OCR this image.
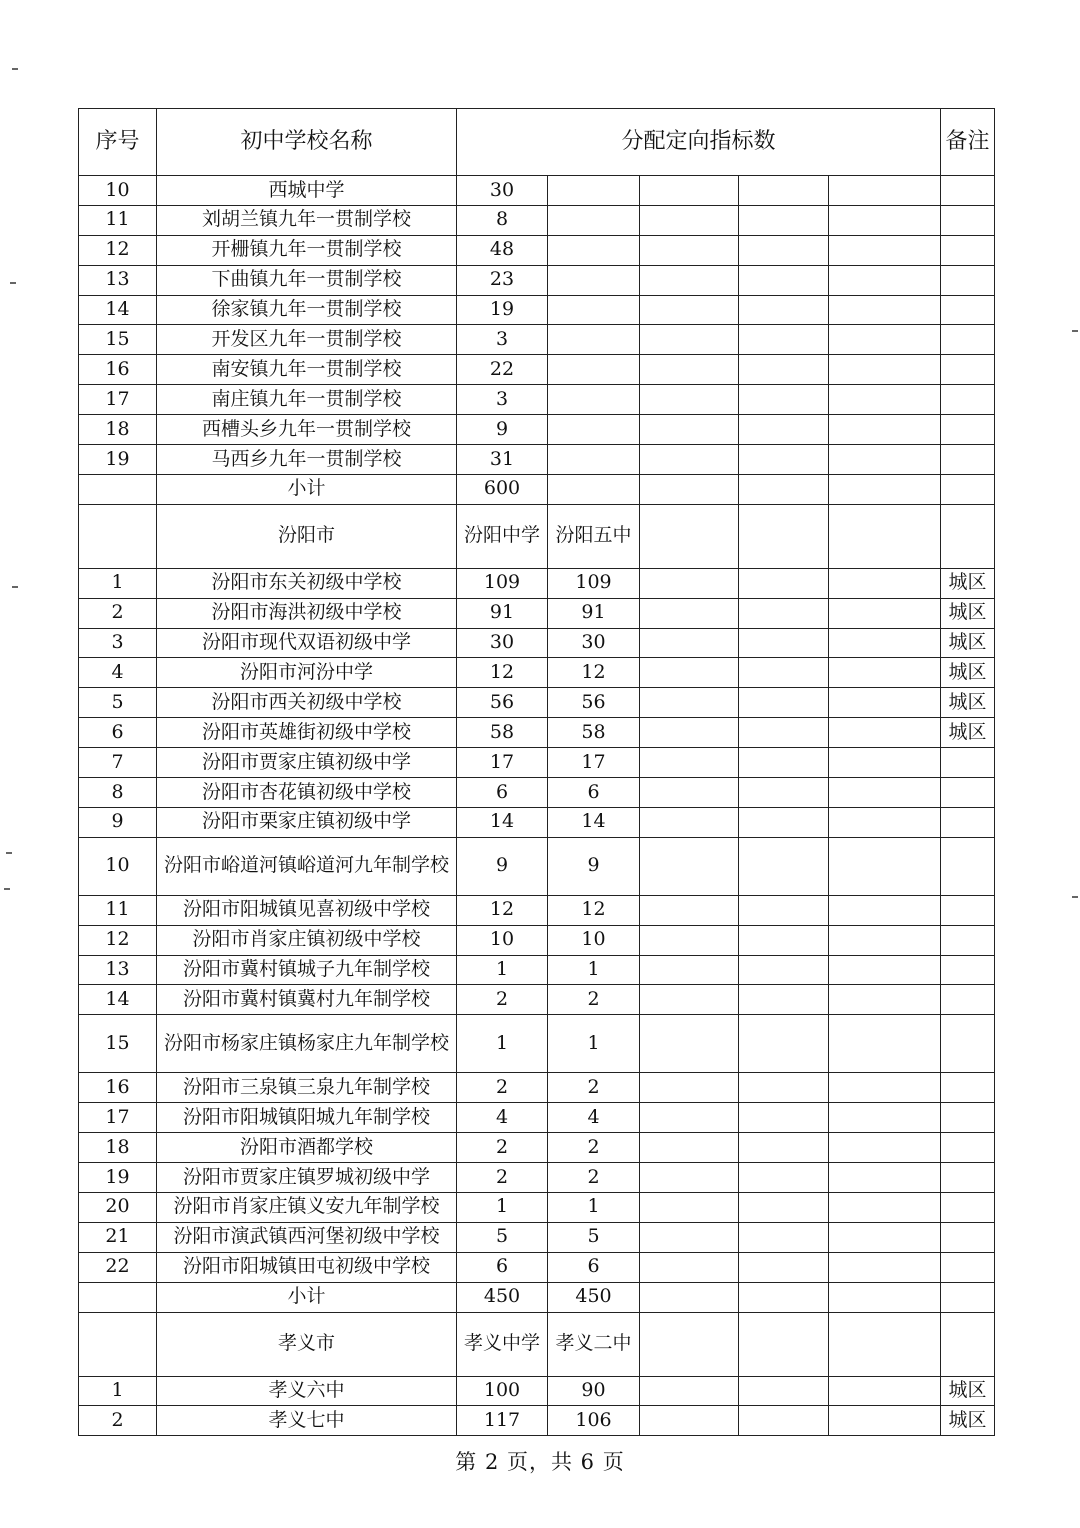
序号	初中学校名称	分配定向指标数					备注
10	西城中学	30					
11	刘胡兰镇九年一贯制学校	8					
12	开栅镇九年一贯制学校	48					
13	下曲镇九年一贯制学校	23					
14	徐家镇九年一贯制学校	19					
15	开发区九年一贯制学校	3					
16	南安镇九年一贯制学校	22					
17	南庄镇九年一贯制学校	3					
18	西槽头乡九年一贯制学校	9					
19	马西乡九年一贯制学校	31					
	小计	600					
	汾阳市	汾阳中学	汾阳五中				
1	汾阳市东关初级中学校	109	109				城区
2	汾阳市海洪初级中学校	91	91				城区
3	汾阳市现代双语初级中学	30	30				城区
4	汾阳市河汾中学	12	12				城区
5	汾阳市西关初级中学校	56	56				城区
6	汾阳市英雄街初级中学校	58	58				城区
7	汾阳市贾家庄镇初级中学	17	17				
8	汾阳市杏花镇初级中学校	6	6				
9	汾阳市栗家庄镇初级中学	14	14				
10	汾阳市峪道河镇峪道河九年制学校	9	9				
11	汾阳市阳城镇见喜初级中学校	12	12				
12	汾阳市肖家庄镇初级中学校	10	10				
13	汾阳市冀村镇城子九年制学校	1	1				
14	汾阳市冀村镇冀村九年制学校	2	2				
15	汾阳市杨家庄镇杨家庄九年制学校	1	1				
16	汾阳市三泉镇三泉九年制学校	2	2				
17	汾阳市阳城镇阳城九年制学校	4	4				
18	汾阳市酒都学校	2	2				
19	汾阳市贾家庄镇罗城初级中学	2	2				
20	汾阳市肖家庄镇义安九年制学校	1	1				
21	汾阳市演武镇西河堡初级中学校	5	5				
22	汾阳市阳城镇田屯初级中学校	6	6				
	小计	450	450				
	孝义市	孝义中学	孝义二中				
1	孝义六中	100	90				城区
2	孝义七中	117	106				城区
第 2 页，共 6 页
